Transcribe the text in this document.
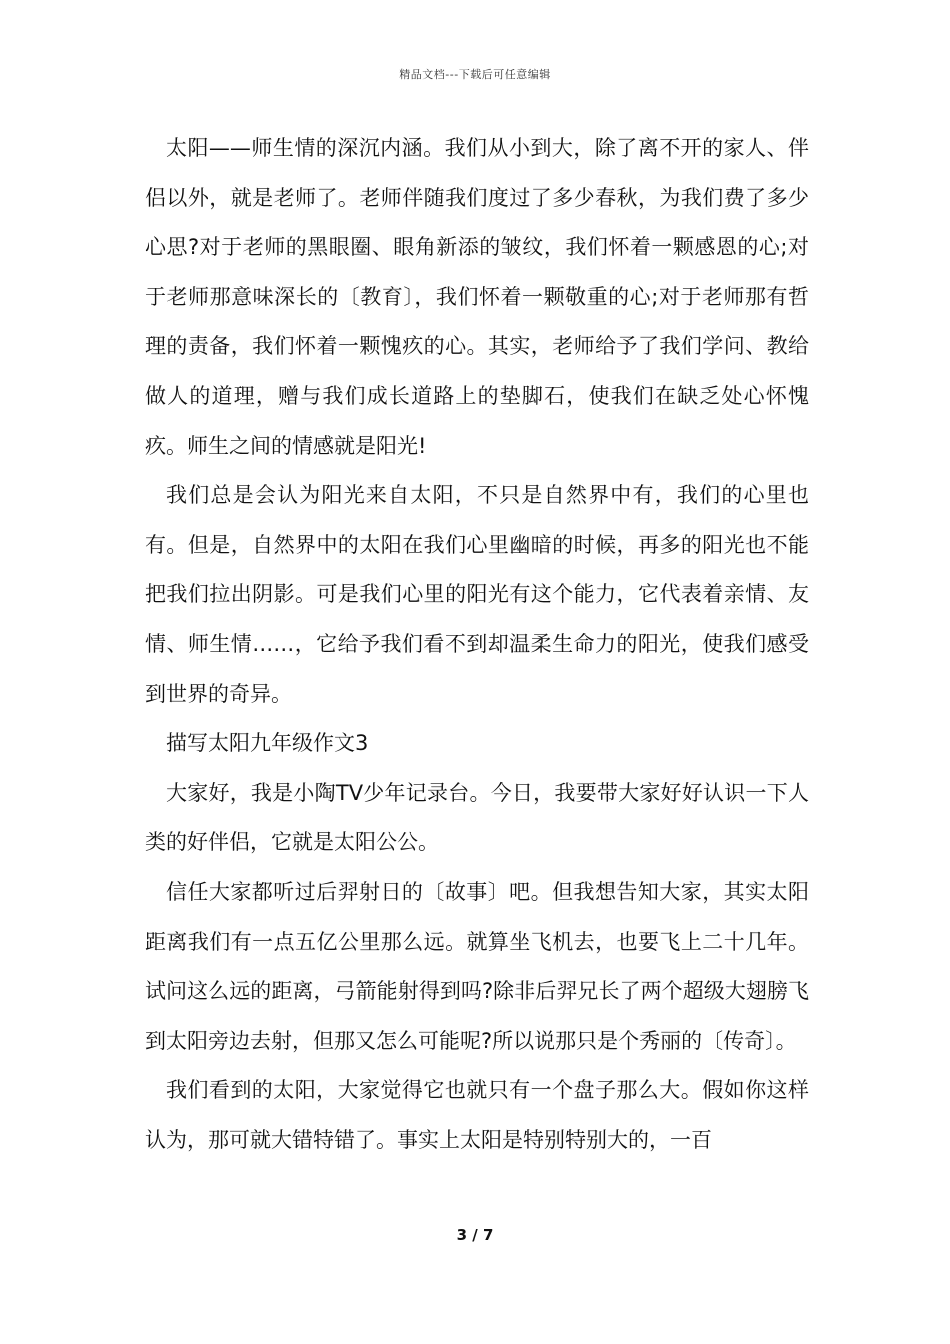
精品文档---下载后可任意编辑

太阳——师生情的深沉内涵。我们从小到大，除了离不开的家人、伴侣以外，就是老师了。老师伴随我们度过了多少春秋，为我们费了多少心思?对于老师的黑眼圈、眼角新添的皱纹，我们怀着一颗感恩的心;对于老师那意味深长的〔教育〕，我们怀着一颗敬重的心;对于老师那有哲理的责备，我们怀着一颗愧疚的心。其实，老师给予了我们学问、教给做人的道理，赠与我们成长道路上的垫脚石，使我们在缺乏处心怀愧疚。师生之间的情感就是阳光!

我们总是会认为阳光来自太阳，不只是自然界中有，我们的心里也有。但是，自然界中的太阳在我们心里幽暗的时候，再多的阳光也不能把我们拉出阴影。可是我们心里的阳光有这个能力，它代表着亲情、友情、师生情……，它给予我们看不到却温柔生命力的阳光，使我们感受到世界的奇异。

描写太阳九年级作文3

大家好，我是小陶TV少年记录台。今日，我要带大家好好认识一下人类的好伴侣，它就是太阳公公。

信任大家都听过后羿射日的〔故事〕吧。但我想告知大家，其实太阳距离我们有一点五亿公里那么远。就算坐飞机去，也要飞上二十几年。试问这么远的距离，弓箭能射得到吗?除非后羿兄长了两个超级大翅膀飞到太阳旁边去射，但那又怎么可能呢?所以说那只是个秀丽的〔传奇〕。

我们看到的太阳，大家觉得它也就只有一个盘子那么大。假如你这样认为，那可就大错特错了。事实上太阳是特别特别大的，一百

3 / 7
